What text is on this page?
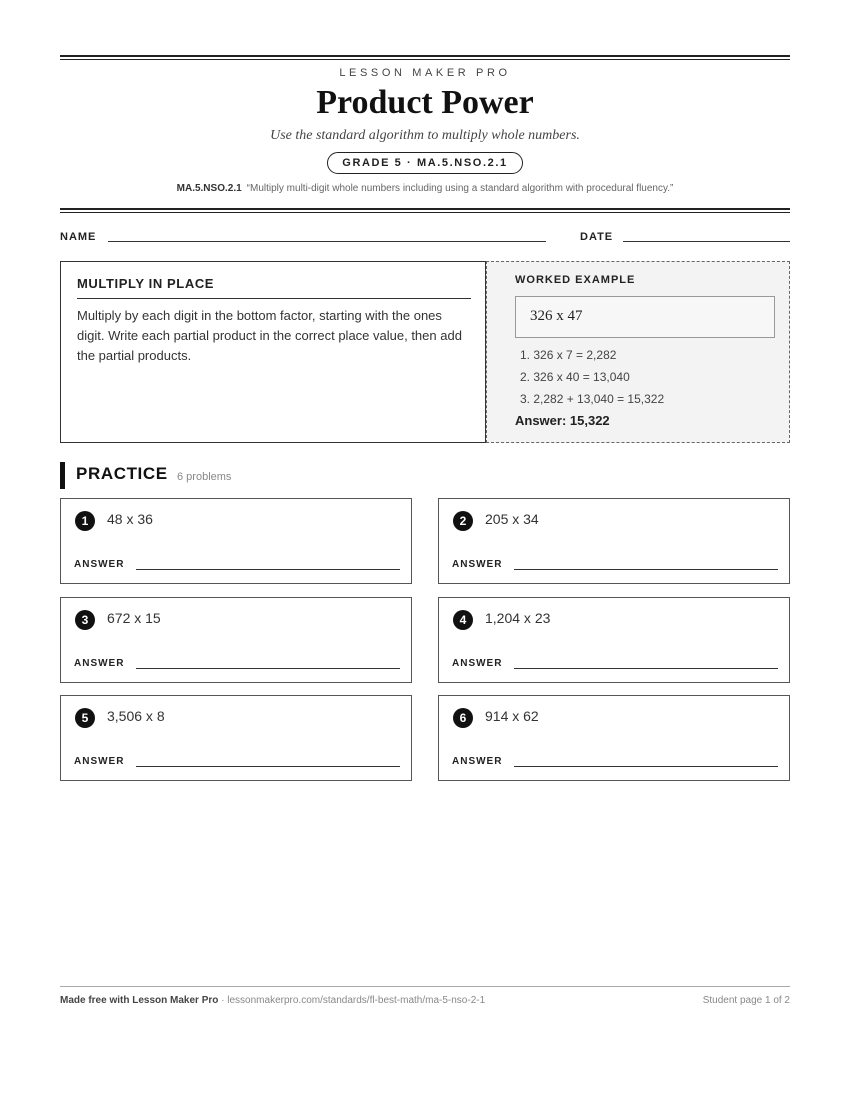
LESSON MAKER PRO
Product Power
Use the standard algorithm to multiply whole numbers.
GRADE 5 · MA.5.NSO.2.1
MA.5.NSO.2.1 “Multiply multi-digit whole numbers including using a standard algorithm with procedural fluency.”
NAME	DATE
MULTIPLY IN PLACE
Multiply by each digit in the bottom factor, starting with the ones digit. Write each partial product in the correct place value, then add the partial products.
WORKED EXAMPLE
326 x 47
1. 326 x 7 = 2,282
2. 326 x 40 = 13,040
3. 2,282 + 13,040 = 15,322
Answer: 15,322
PRACTICE 6 problems
1	48 x 36
ANSWER
2	205 x 34
ANSWER
3	672 x 15
ANSWER
4	1,204 x 23
ANSWER
5	3,506 x 8
ANSWER
6	914 x 62
ANSWER
Made free with Lesson Maker Pro · lessonmakerpro.com/standards/fl-best-math/ma-5-nso-2-1	Student page 1 of 2
